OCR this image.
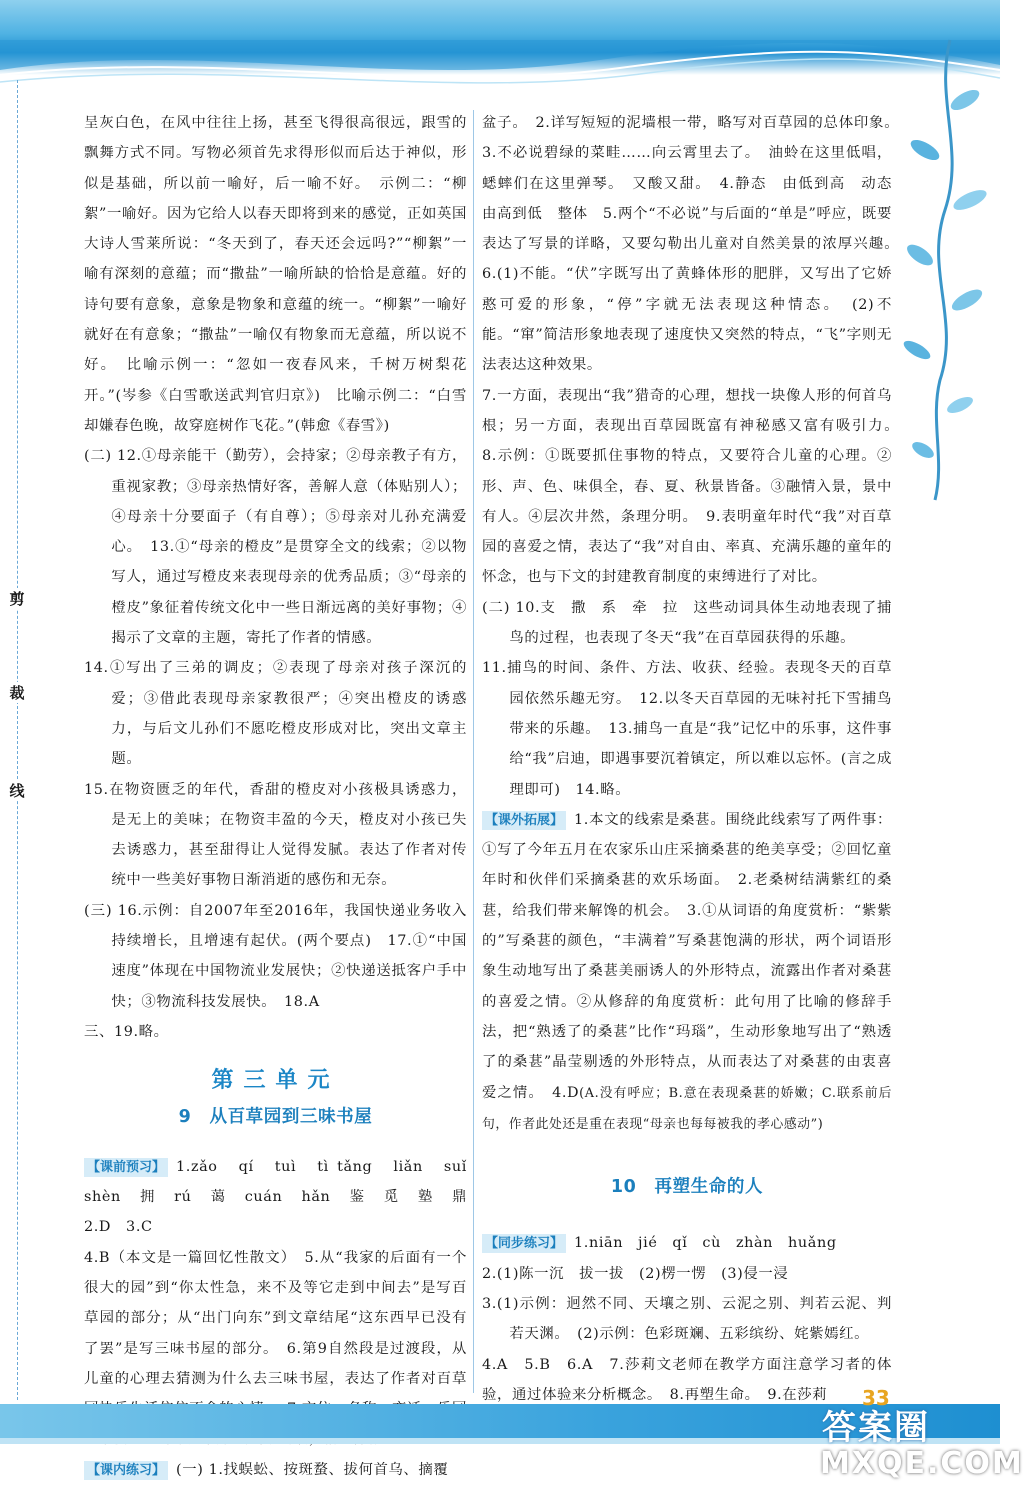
剪
裁
线

呈灰白色，在风中往往上扬，甚至飞得很高很远，跟雪的飘舞方式不同。写物必须首先求得形似而后达于神似，形似是基础，所以前一喻好，后一喻不好。　示例二：“柳絮”一喻好。因为它给人以春天即将到来的感觉，正如英国大诗人雪莱所说：“冬天到了，春天还会远吗?”“柳絮”一喻有深刻的意蕴；而“撒盐”一喻所缺的恰恰是意蕴。好的诗句要有意象，意象是物象和意蕴的统一。“柳絮”一喻好就好在有意象；“撒盐”一喻仅有物象而无意蕴，所以说不好。　比喻示例一：“忽如一夜春风来，千树万树梨花开。”(岑参《白雪歌送武判官归京》)　比喻示例二：“白雪却嫌春色晚，故穿庭树作飞花。”(韩愈《春雪》)

(二) 12.①母亲能干（勤劳），会持家；②母亲教子有方，重视家教；③母亲热情好客，善解人意（体贴别人）；④母亲十分要面子（有自尊）；⑤母亲对儿孙充满爱心。　13.①“母亲的橙皮”是贯穿全文的线索；②以物写人，通过写橙皮来表现母亲的优秀品质；③“母亲的橙皮”象征着传统文化中一些日渐远离的美好事物；④揭示了文章的主题，寄托了作者的情感。

14.①写出了三弟的调皮；②表现了母亲对孩子深沉的爱；③借此表现母亲家教很严；④突出橙皮的诱惑力，与后文儿孙们不愿吃橙皮形成对比，突出文章主题。

15.在物资匮乏的年代，香甜的橙皮对小孩极具诱惑力，是无上的美味；在物资丰盈的今天，橙皮对小孩已失去诱惑力，甚至甜得让人觉得发腻。表达了作者对传统中一些美好事物日渐消逝的感伤和无奈。

(三) 16.示例：自2007年至2016年，我国快递业务收入持续增长，且增速有起伏。(两个要点)　17.①“中国速度”体现在中国物流业发展快；②快递送抵客户手中快；③物流科技发展快。　18.A

三、19.略。

第三单元
9　从百草园到三味书屋

【课前预习】 1.zǎo　qí　tuì　tì tǎng　liǎn　suǐ　shèn　拥　rú　蔼　cuán　hǎn　鉴　觅　塾　鼎　2.D　3.C

4.B（本文是一篇回忆性散文）　5.从“我家的后面有一个很大的园”到“你太性急，来不及等它走到中间去”是写百草园的部分；从“出门向东”到文章结尾“这东西早已没有了罢”是写三味书屋的部分。　6.第9自然段是过渡段，从儿童的心理去猜测为什么去三味书屋，表达了作者对百草　　　　　

【课内练习】 (一) 1.找蜈蚣、按斑蝥、拔何首乌、摘覆

盆子。　2.详写短短的泥墙根一带，略写对百草园的总体印象。　3.不必说碧绿的菜畦……向云霄里去了。　油蛉在这里低唱，蟋蟀们在这里弹琴。　又酸又甜。　4.静态　由低到高　动态　由高到低　整体　5.两个“不必说”与后面的“单是”呼应，既要表达了写景的详略，又要勾勒出儿童对自然美景的浓厚兴趣。　6.(1)不能。“伏”字既写出了黄蜂体形的肥胖，又写出了它娇憨可爱的形象，“停”字就无法表现这种情态。　(2)不能。“窜”简洁形象地表现了速度快又突然的特点，“飞”字则无法表达这种效果。

7.一方面，表现出“我”猎奇的心理，想找一块像人形的何首乌根；另一方面，表现出百草园既富有神秘感又富有吸引力。　8.示例：①既要抓住事物的特点，又要符合儿童的心理。②形、声、色、味俱全，春、夏、秋景皆备。③融情入景，景中有人。④层次井然，条理分明。　9.表明童年时代“我”对百草园的喜爱之情，表达了“我”对自由、率真、充满乐趣的童年的怀念，也与下文的封建教育制度的束缚进行了对比。

(二) 10.支　撒　系　牵　拉　这些动词具体生动地表现了捕鸟的过程，也表现了冬天“我”在百草园获得的乐趣。

11.捕鸟的时间、条件、方法、收获、经验。表现冬天的百草园依然乐趣无穷。　12.以冬天百草园的无味衬托下雪捕鸟带来的乐趣。　13.捕鸟一直是“我”记忆中的乐事，这件事给“我”启迪，即遇事要沉着镇定，所以难以忘怀。(言之成理即可)　14.略。

【课外拓展】 1.本文的线索是桑葚。围绕此线索写了两件事：①写了今年五月在农家乐山庄采摘桑葚的绝美享受；②回忆童年时和伙伴们采摘桑葚的欢乐场面。　2.老桑树结满紫红的桑葚，给我们带来解馋的机会。　3.①从词语的角度赏析：“紫紫的”写桑葚的颜色，“丰满着”写桑葚饱满的形状，两个词语形象生动地写出了桑葚美丽诱人的外形特点，流露出作者对桑葚的喜爱之情。②从修辞的角度赏析：此句用了比喻的修辞手法，把“熟透了的桑葚”比作“玛瑙”，生动形象地写出了“熟透了的桑葚”晶莹剔透的外形特点，从而表达了对桑葚的由衷喜爱之情。　4.D(A.没有呼应；B.意在表现桑葚的娇嫩；C.联系前后句，作者此处还是重在表现“母亲也每每被我的孝心感动”)

10　再塑生命的人

【同步练习】 1.niān　jié　qǐ　cù　zhàn　huǎng

2.(1)陈一沉　拔一拔　(2)楞一愣　(3)侵一浸

3.(1)示例：迥然不同、天壤之别、云泥之别、判若云泥、判若天渊。　(2)示例：色彩斑斓、五彩缤纷、姹紫嫣红。

4.A　5.B　6.A　7.莎莉文老师在教学方面注意学习者的体验，通过体验来分析概念。　8.再塑生命。　9.在莎莉	33
答案圈
MXQE.COM
